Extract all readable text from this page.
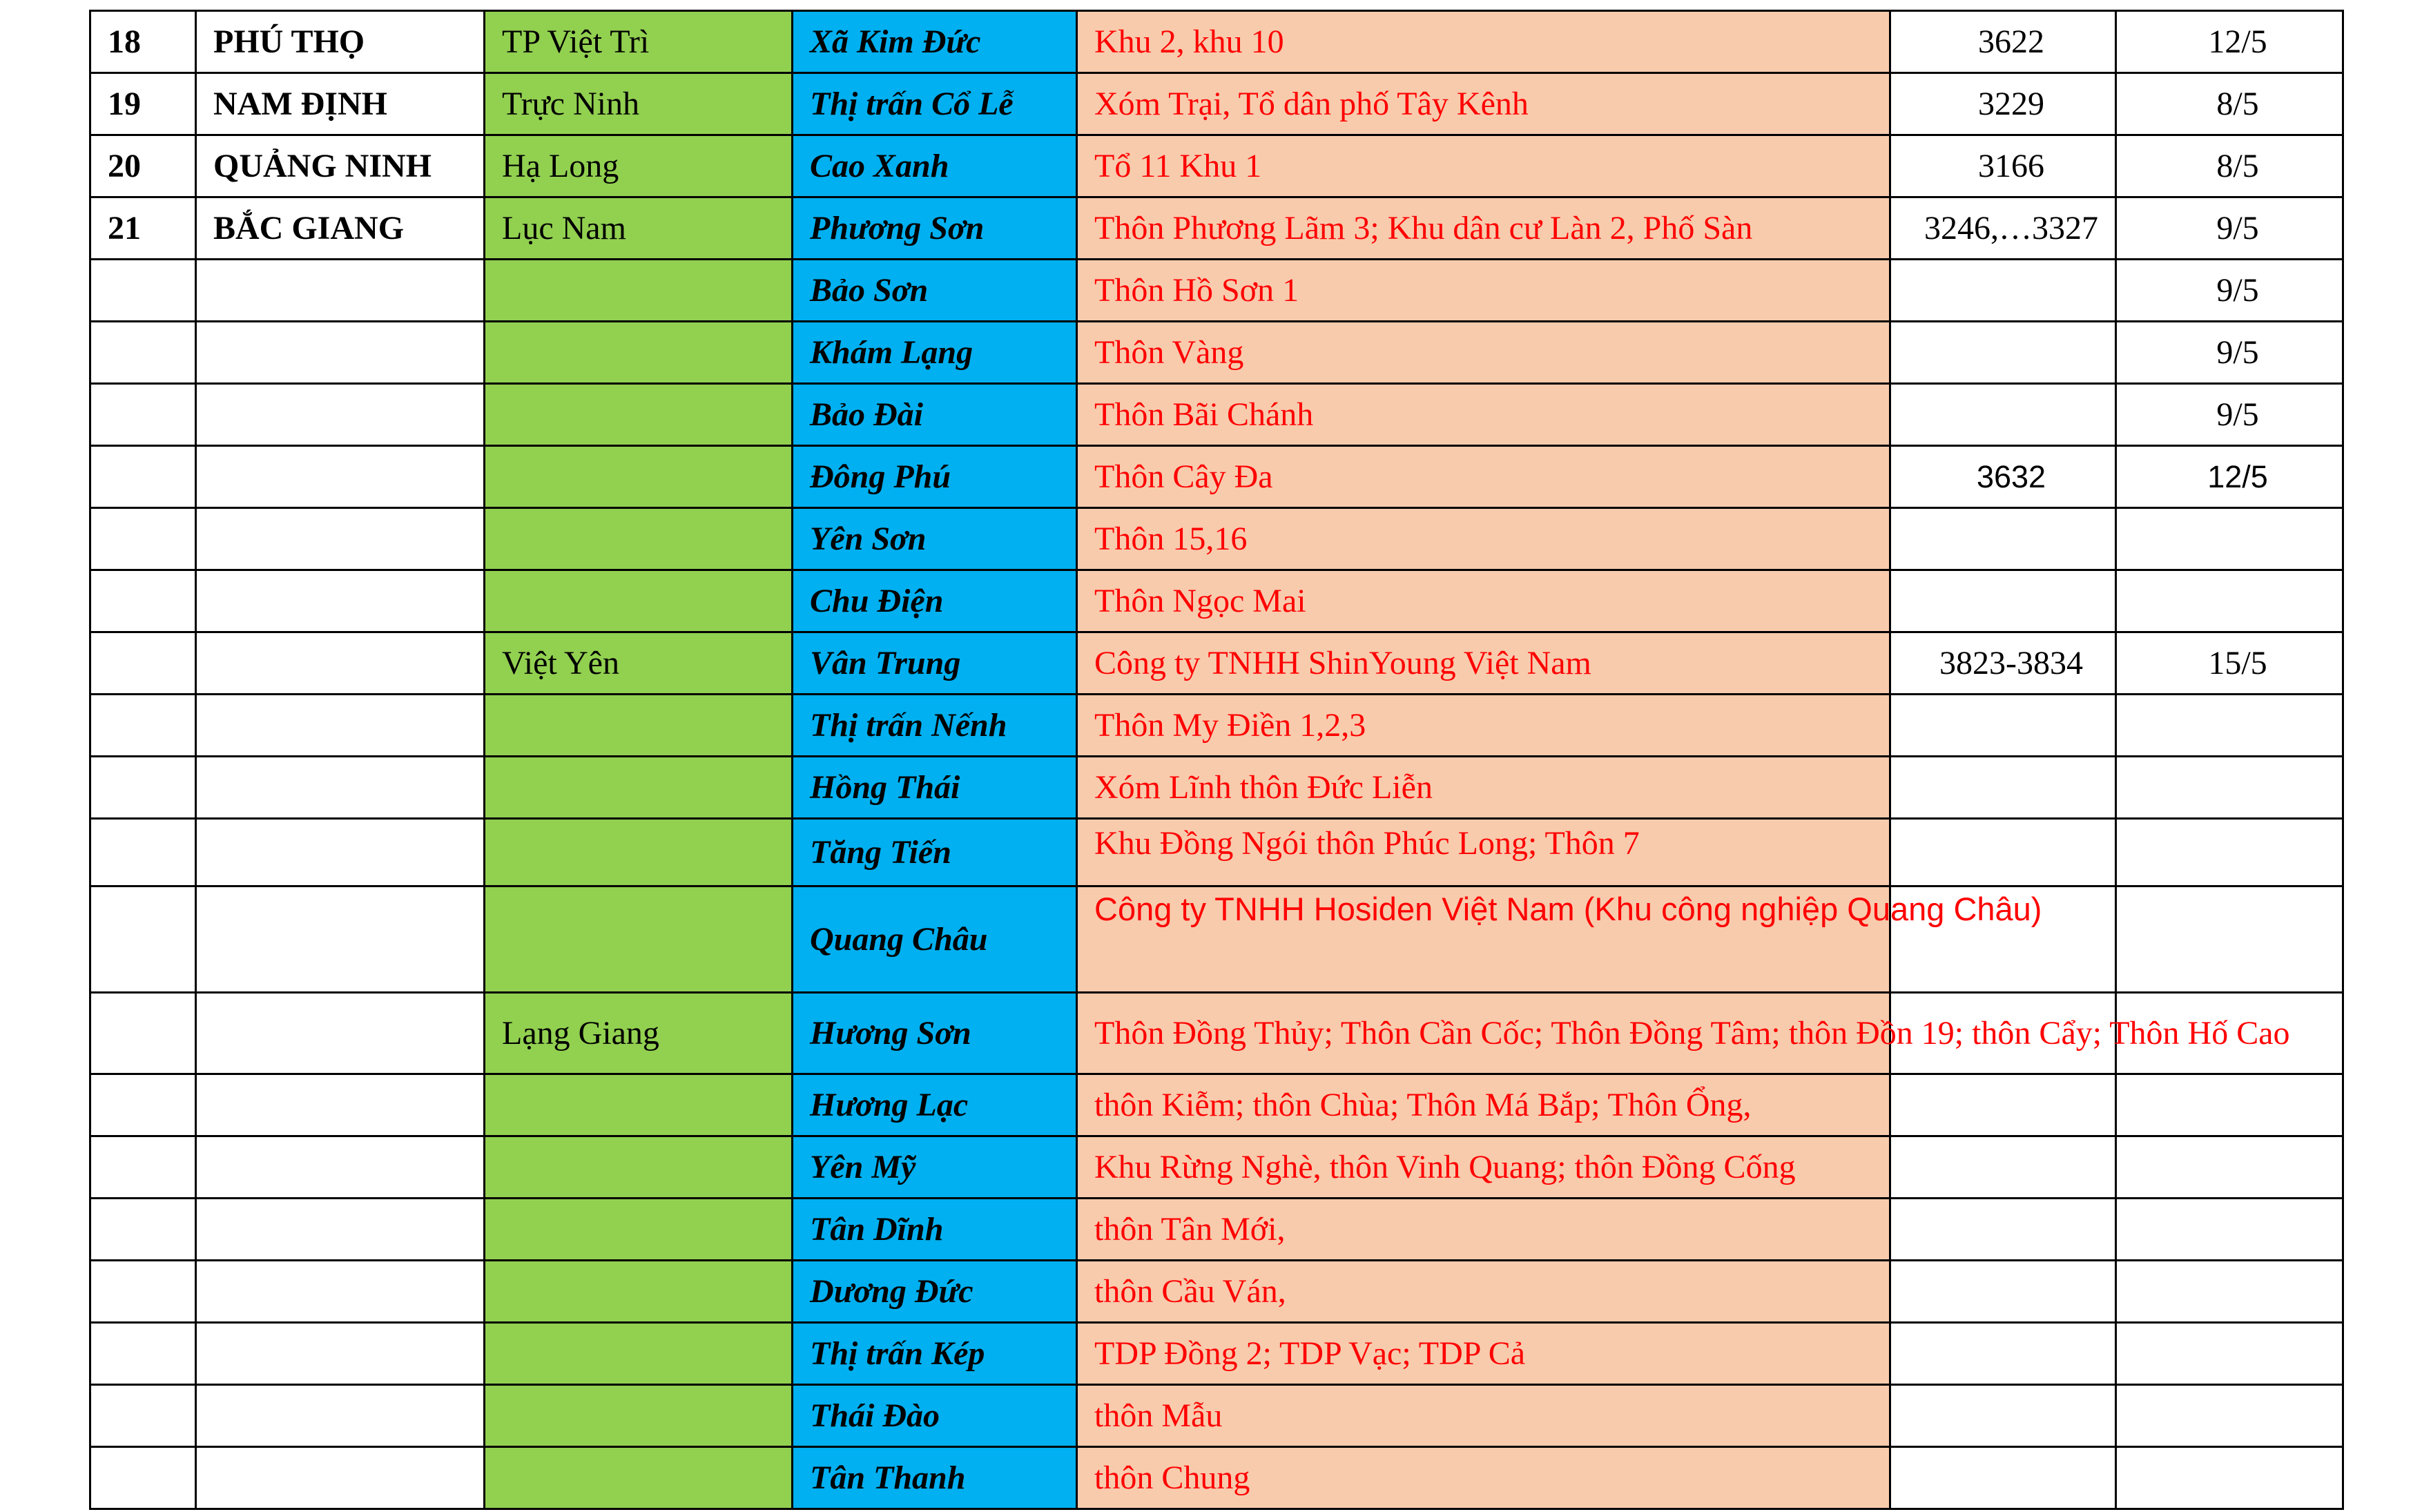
18	PHÚ THỌ	TP Việt Trì	Xã Kim Đức	Khu 2, khu 10	3622	12/5
19	NAM ĐỊNH	Trực Ninh	Thị trấn Cổ Lễ	Xóm Trại, Tổ dân phố Tây Kênh	3229	8/5
20	QUẢNG NINH	Hạ Long	Cao Xanh	Tổ 11 Khu 1	3166	8/5
21	BẮC GIANG	Lục Nam	Phương Sơn	Thôn Phương Lãm 3; Khu dân cư Làn 2, Phố Sàn	3246,…3327	9/5
			Bảo Sơn	Thôn Hồ Sơn 1		9/5
			Khám Lạng	Thôn Vàng		9/5
			Bảo Đài	Thôn Bãi Chánh		9/5
			Đông Phú	Thôn Cây Đa	3632	12/5
			Yên Sơn	Thôn 15,16		
			Chu Điện	Thôn Ngọc Mai		
		Việt Yên	Vân Trung	Công ty TNHH ShinYoung Việt Nam	3823-3834	15/5
			Thị trấn Nếnh	Thôn My Điền 1,2,3		
			Hồng Thái	Xóm Lĩnh thôn Đức Liễn		
			Tăng Tiến	Khu Đồng Ngói thôn Phúc Long; Thôn 7		
			Quang Châu	Công ty TNHH Hosiden Việt Nam (Khu công nghiệp Quang Châu)		
		Lạng Giang	Hương Sơn	Thôn Đồng Thủy; Thôn Cần Cốc; Thôn Đồng Tâm; thôn Đồn 19; thôn Cẩy; Thôn Hố Cao		
			Hương Lạc	thôn Kiễm; thôn Chùa; Thôn Má Bắp; Thôn Ổng,		
			Yên Mỹ	Khu Rừng Nghè, thôn Vinh Quang; thôn Đồng Cống		
			Tân Dĩnh	thôn Tân Mới,		
			Dương Đức	thôn Cầu Ván,		
			Thị trấn Kép	TDP Đồng 2; TDP Vạc; TDP Cả		
			Thái Đào	thôn Mẫu		
			Tân Thanh	thôn Chung		
